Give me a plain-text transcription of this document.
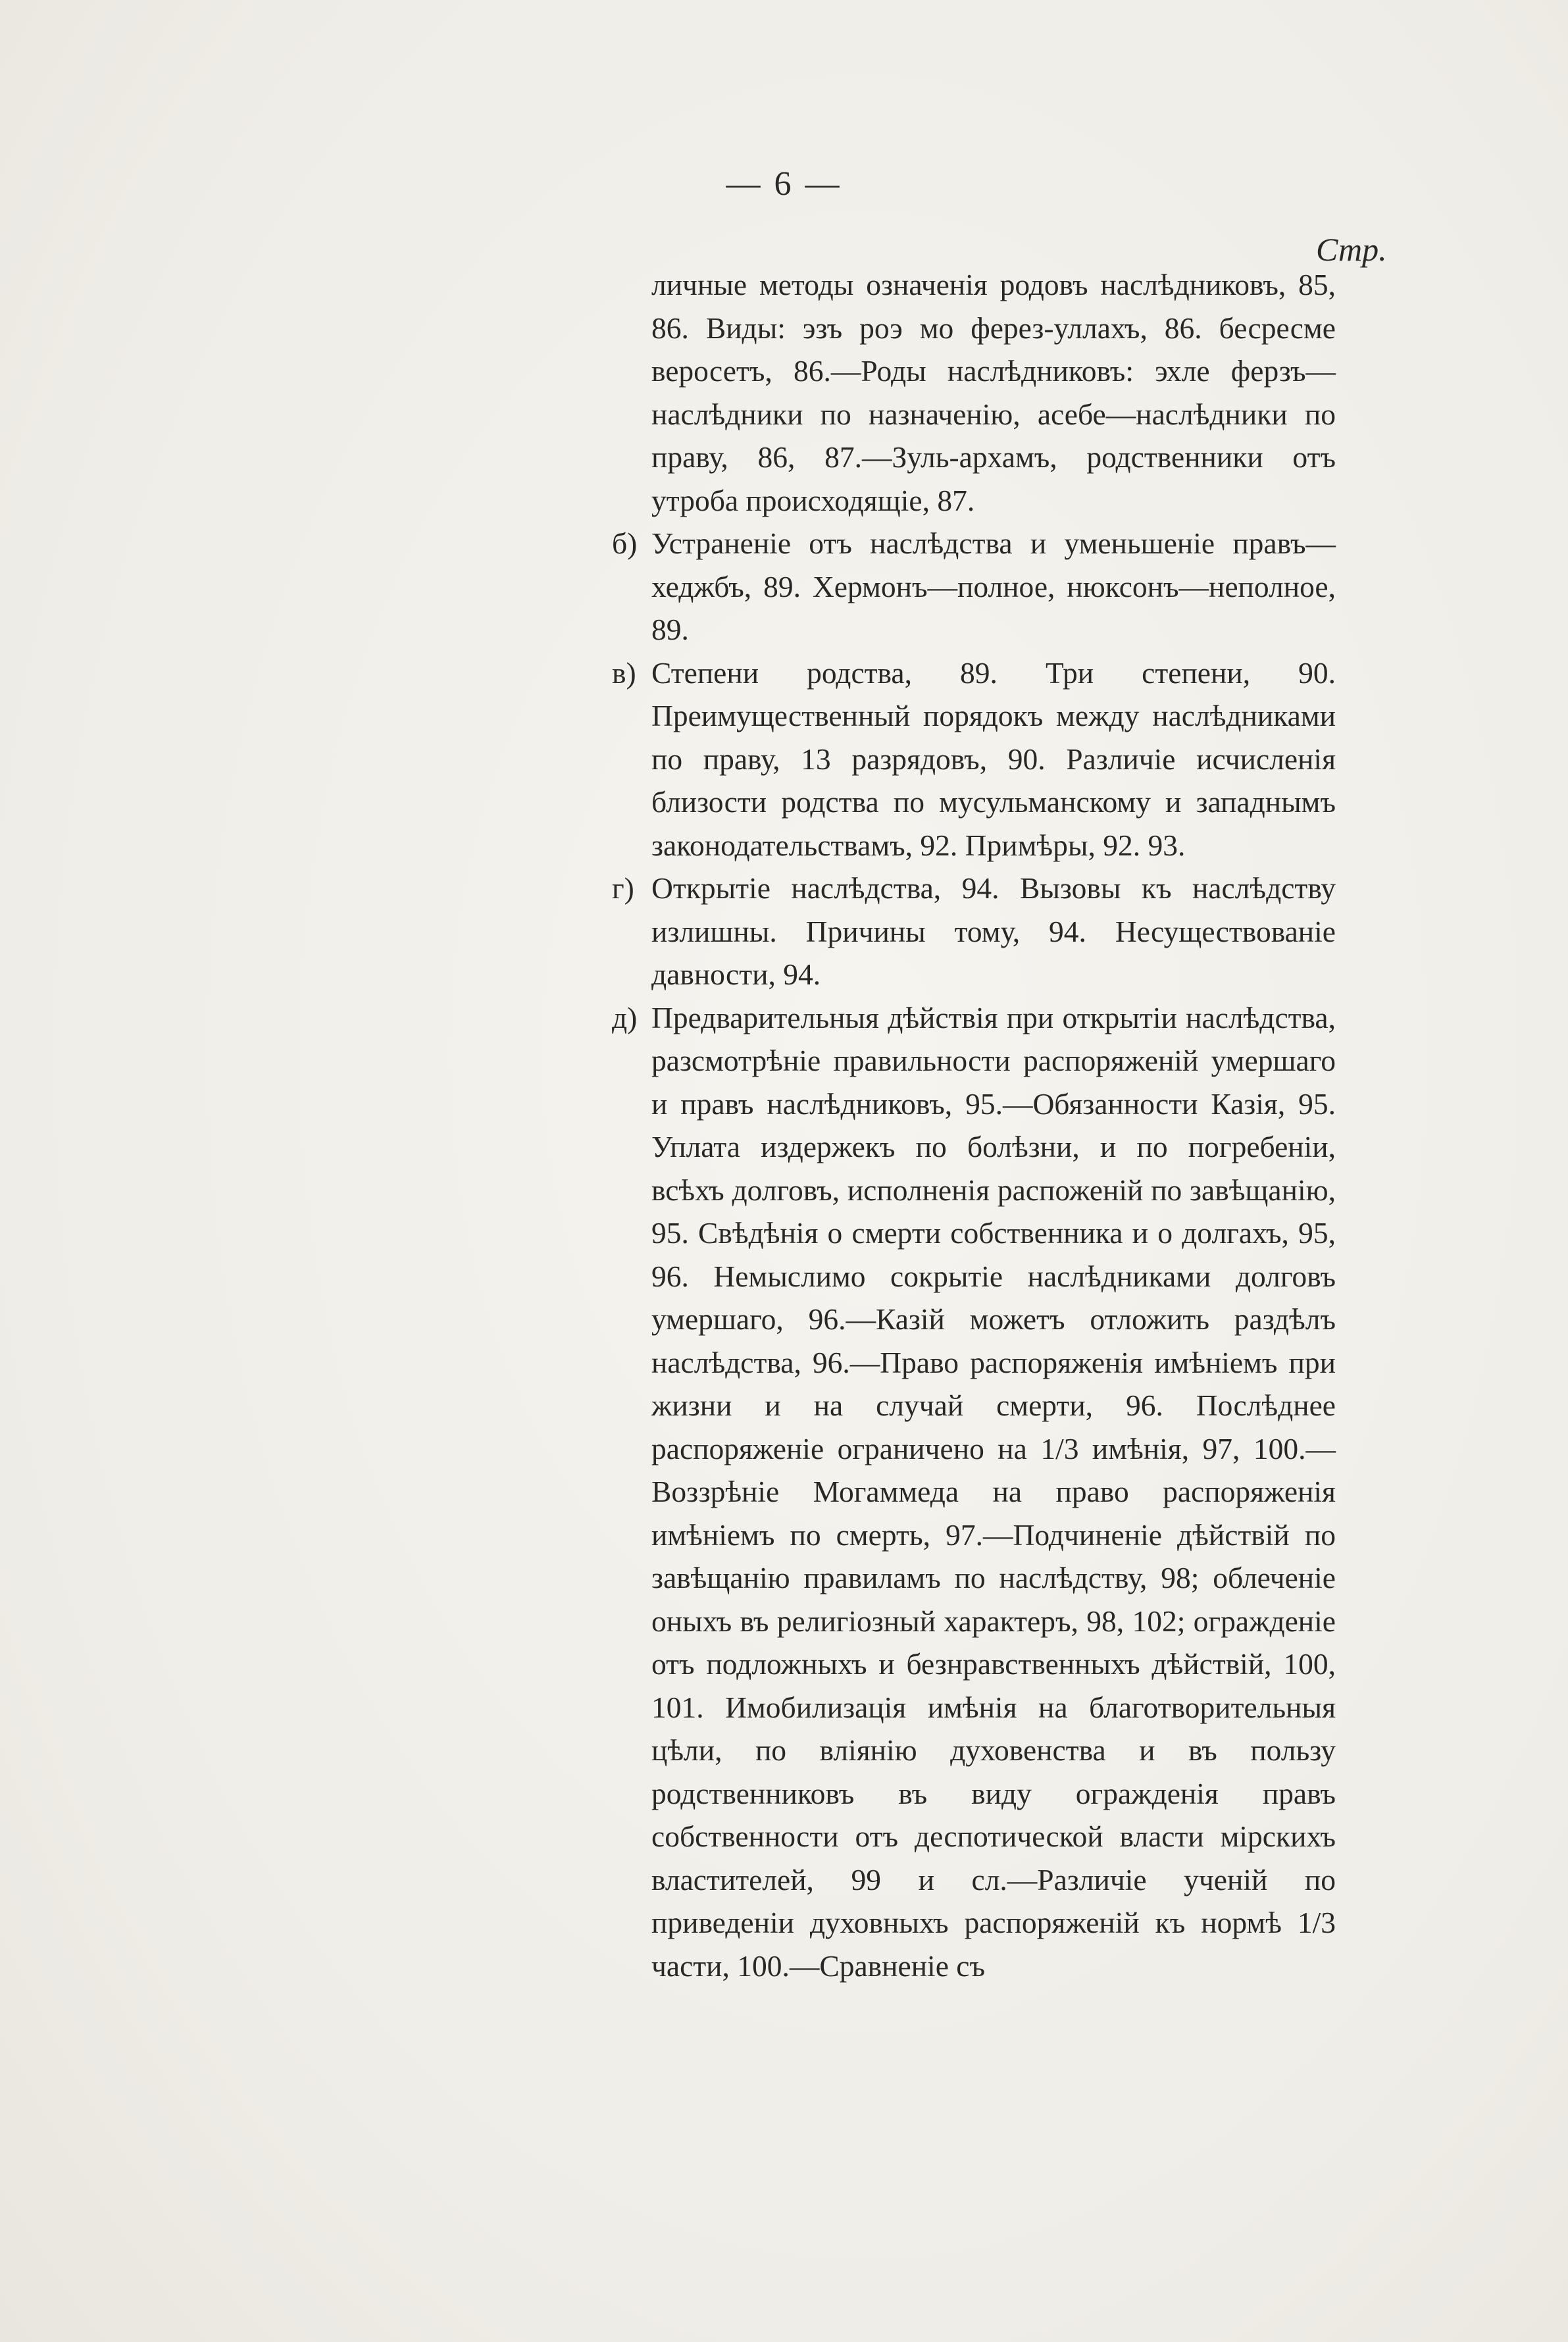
— 6 —
Стр.
личные методы означенія родовъ наслѣдниковъ, 85, 86. Виды: эзъ роэ мо ферез-уллахъ, 86. бесресме веросетъ, 86.—Роды наслѣдниковъ: эхле ферзъ—наслѣдники по назначенію, асебе—наслѣдники по праву, 86, 87.—Зуль-архамъ, родственники отъ утроба происходящіе, 87.
б) Устраненіе отъ наслѣдства и уменьшеніе правъ—хеджбъ, 89. Хермонъ—полное, нюксонъ—неполное, 89.
в) Степени родства, 89. Три степени, 90. Преимущественный порядокъ между наслѣдниками по праву, 13 разрядовъ, 90. Различіе исчисленія близости родства по мусульманскому и западнымъ законодательствамъ, 92. Примѣры, 92. 93.
г) Открытіе наслѣдства, 94. Вызовы къ наслѣдству излишны. Причины тому, 94. Несуществованіе давности, 94.
д) Предварительныя дѣйствія при открытіи наслѣдства, разсмотрѣніе правильности распоряженій умершаго и правъ наслѣдниковъ, 95.—Обязанности Казія, 95. Уплата издержекъ по болѣзни, и по погребенiи, всѣхъ долговъ, исполненія распоженій по завѣщанію, 95. Свѣдѣнія о смерти собственника и о долгахъ, 95, 96. Немыслимо сокрытіе наслѣдниками долговъ умершаго, 96.—Казій можетъ отложить раздѣлъ наслѣдства, 96.—Право распоряженія имѣніемъ при жизни и на случай смерти, 96. Послѣднее распоряженіе ограничено на 1/3 имѣнія, 97, 100.—Воззрѣніе Могаммеда на право распоряженія имѣніемъ по смерть, 97.—Подчиненіе дѣйствій по завѣщанію правиламъ по наслѣдству, 98; облеченіе оныхъ въ религіозный характеръ, 98, 102; огражденіе отъ подложныхъ и безнравственныхъ дѣйствій, 100, 101. Имобилизація имѣнія на благотворительныя цѣли, по вліянію духовенства и въ пользу родственниковъ въ виду огражденія правъ собственности отъ деспотической власти мірскихъ властителей, 99 и сл.—Различіе ученій по приведеніи духовныхъ распоряженій къ нормѣ 1/3 части, 100.—Сравненіе съ
